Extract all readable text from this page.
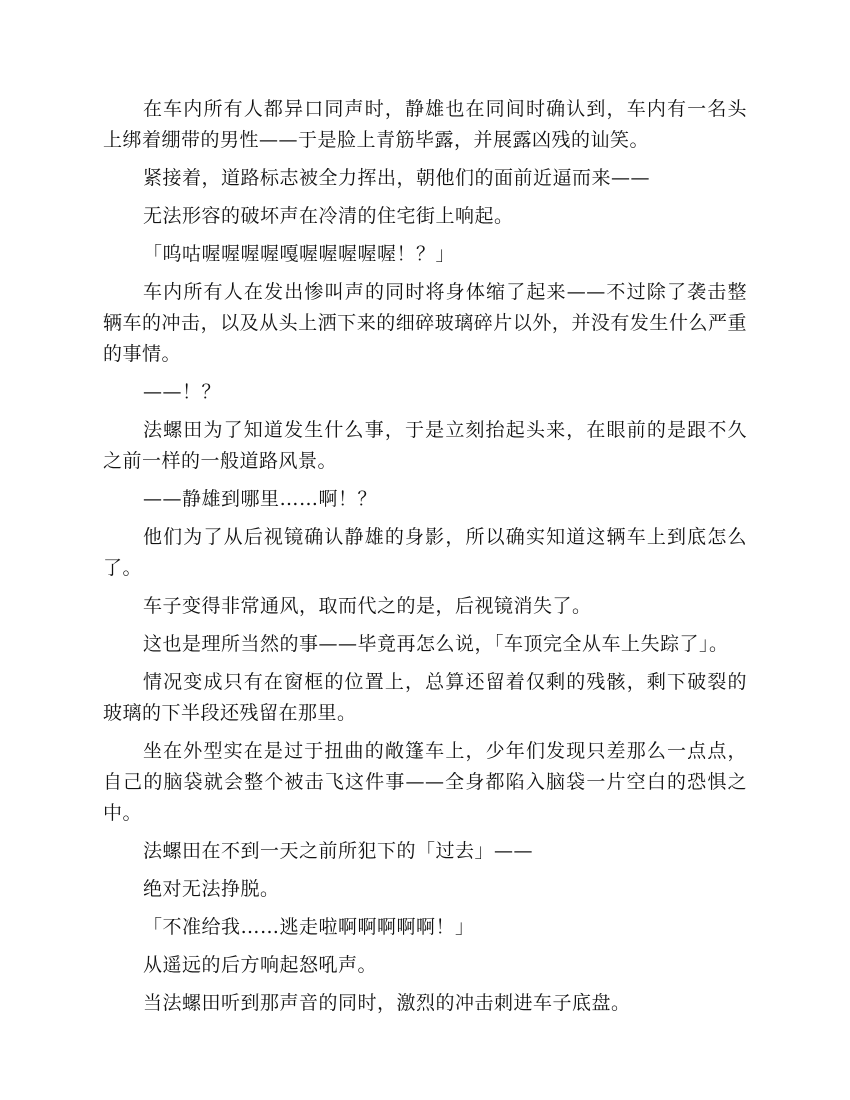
在车内所有人都异口同声时，静雄也在同间时确认到，车内有一名头上绑着绷带的男性——于是脸上青筋毕露，并展露凶残的讪笑。

紧接着，道路标志被全力挥出，朝他们的面前近逼而来——

无法形容的破坏声在冷清的住宅街上响起。

「呜咕喔喔喔喔嘎喔喔喔喔喔！？」

车内所有人在发出惨叫声的同时将身体缩了起来——不过除了袭击整辆车的冲击，以及从头上洒下来的细碎玻璃碎片以外，并没有发生什么严重的事情。

——！？

法螺田为了知道发生什么事，于是立刻抬起头来，在眼前的是跟不久之前一样的一般道路风景。

——静雄到哪里……啊！？

他们为了从后视镜确认静雄的身影，所以确实知道这辆车上到底怎么了。

车子变得非常通风，取而代之的是，后视镜消失了。

这也是理所当然的事——毕竟再怎么说，「车顶完全从车上失踪了」。

情况变成只有在窗框的位置上，总算还留着仅剩的残骸，剩下破裂的玻璃的下半段还残留在那里。

坐在外型实在是过于扭曲的敞篷车上，少年们发现只差那么一点点，自己的脑袋就会整个被击飞这件事——全身都陷入脑袋一片空白的恐惧之中。

法螺田在不到一天之前所犯下的「过去」——

绝对无法挣脱。

「不准给我……逃走啦啊啊啊啊啊！」

从遥远的后方响起怒吼声。

当法螺田听到那声音的同时，激烈的冲击刺进车子底盘。
